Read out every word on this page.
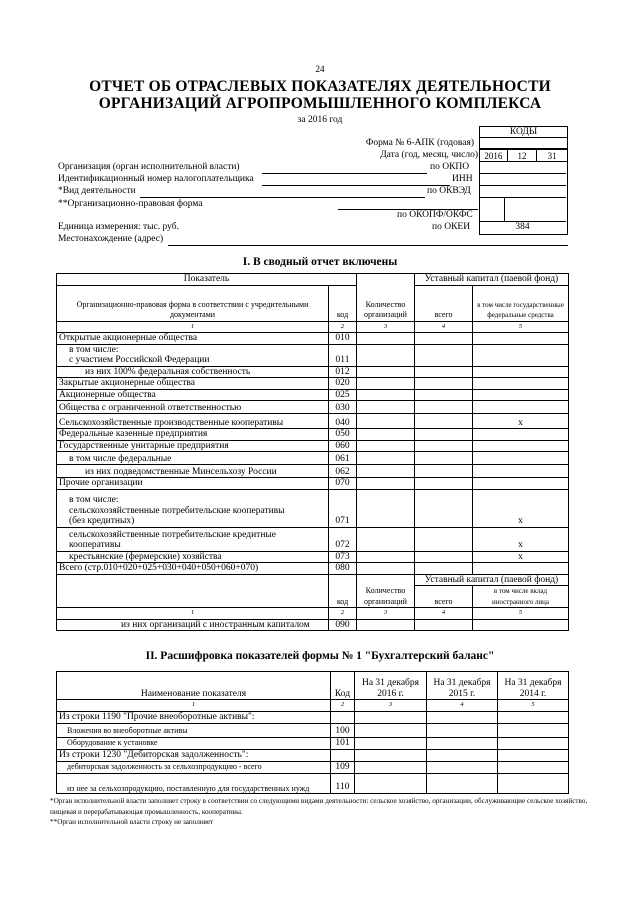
24
ОТЧЕТ ОБ ОТРАСЛЕВЫХ ПОКАЗАТЕЛЯХ ДЕЯТЕЛЬНОСТИ
ОРГАНИЗАЦИЙ АГРОПРОМЫШЛЕННОГО КОМПЛЕКСА
за 2016 год
КОДЫ
2016	12	31
384
Форма № 6-АПК (годовая)
Дата (год, месяц, число)
Организация (орган исполнительной власти)	по ОКПО
Идентификационный номер налогоплательщика	ИНН
*Вид деятельности	по ОКВЭД
**Организационно-правовая форма
по ОКОПФ/ОКФС
Единица измерения: тыс. руб.	по ОКЕИ
Местонахождение (адрес)
I. В сводный отчет включены
Показатель		Количество организаций	Уставный капитал (паевой фонд)	
Организационно-правовая форма в соответствии с учредительными документами	код		всего	в том числе государственные федеральные средства
1	2	3	4	5
Открытые акционерные общества	010			

в том числе:
с участием Российской Федерации	011			
из них 100% федеральная собственность	012			
Закрытые акционерные общества	020			
Акционерные общества	025			
Общества с ограниченной ответственностью	030			
Сельскохозяйственные производственные кооперативы	040			х
Федеральные казенные предприятия	050			
Государственные унитарные предприятия	060			
в том числе федеральные	061			
из них подведомственные Минсельхозу России	062			
Прочие организации	070			

в том числе:
сельскохозяйственные потребительские кооперативы
(без кредитных)	071			х

сельскохозяйственные потребительские кредитные
кооперативы	072			х
крестьянские (фермерские) хозяйства	073			х
Всего (стр.010+020+025+030+040+050+060+070)	080			
	код	Количество организаций	Уставный капитал (паевой фонд)	
			всего	в том числе вклад иностранного лица
1	2	3	4	5
из них организаций с иностранным капиталом	090			
II. Расшифровка показателей формы № 1 "Бухгалтерский баланс"
Наименование показателя	Код	На 31 декабря 2016 г.	На 31 декабря 2015 г.	На 31 декабря 2014 г.
1	2	3	4	5
Из строки 1190 "Прочие внеоборотные активы":				
Вложения во внеоборотные активы	100			
Оборудование к установке	101			
Из строки 1230 "Дебиторская задолженность":				
дебиторская задолженность за сельхозпродукцию - всего	109			
из нее за сельхозпродукцию, поставленную для государственных нужд	110			
*Орган исполнительной власти заполняет строку в соответствии со следующими видами деятельности: сельское хозяйство, организации, обслуживающие сельское хозяйство, пищевая и перерабатывающая промышленность, кооперативы.
**Орган исполнительной власти строку не заполняет
